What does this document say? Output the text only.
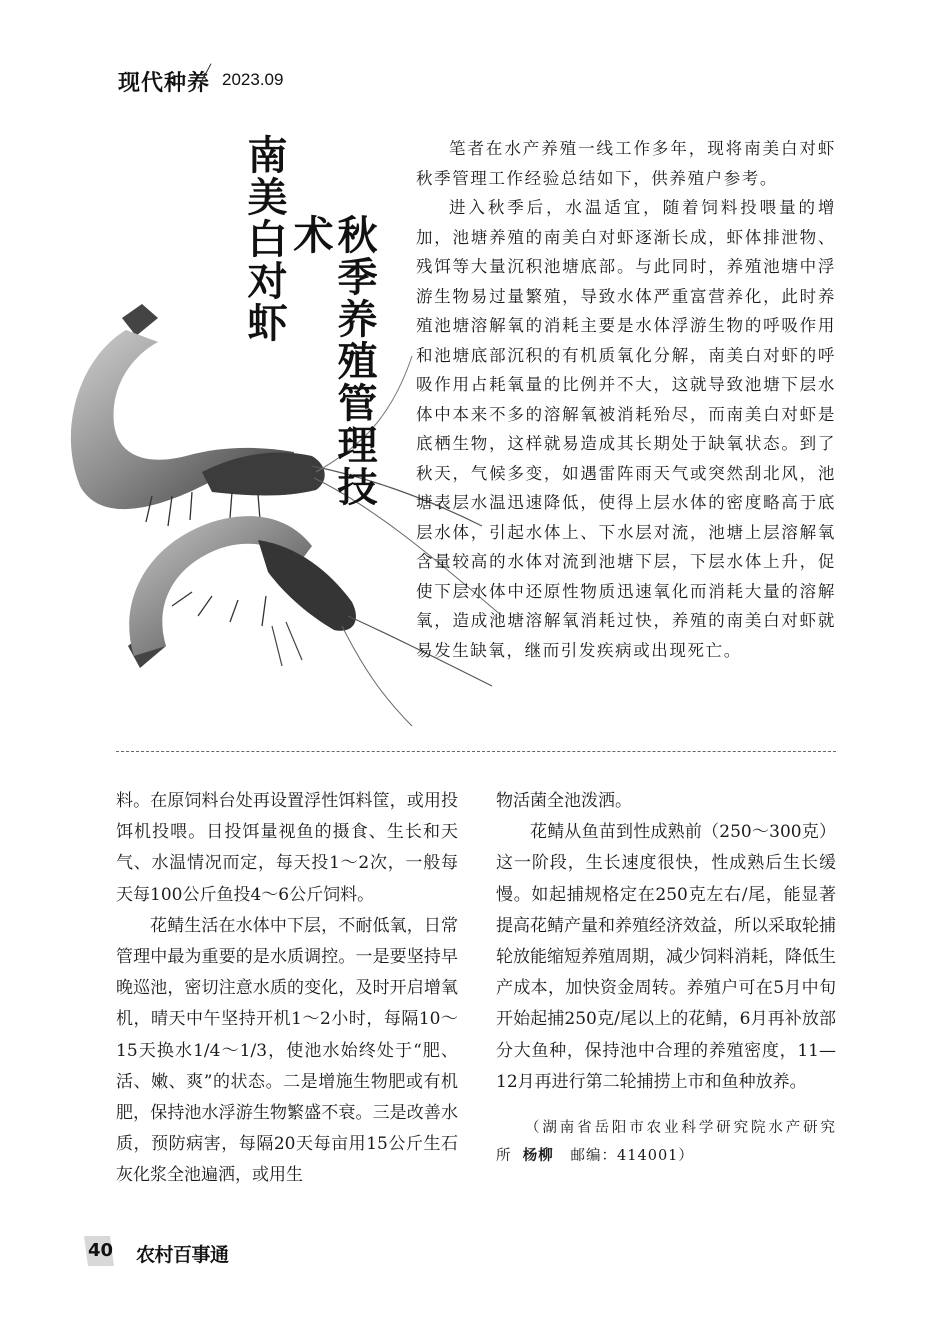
现代种养 2023.09
南美白对虾	秋季养殖管理技术

笔者在水产养殖一线工作多年，现将南美白对虾秋季管理工作经验总结如下，供养殖户参考。

进入秋季后，水温适宜，随着饲料投喂量的增加，池塘养殖的南美白对虾逐渐长成，虾体排泄物、残饵等大量沉积池塘底部。与此同时，养殖池塘中浮游生物易过量繁殖，导致水体严重富营养化，此时养殖池塘溶解氧的消耗主要是水体浮游生物的呼吸作用和池塘底部沉积的有机质氧化分解，南美白对虾的呼吸作用占耗氧量的比例并不大，这就导致池塘下层水体中本来不多的溶解氧被消耗殆尽，而南美白对虾是底栖生物，这样就易造成其长期处于缺氧状态。到了秋天，气候多变，如遇雷阵雨天气或突然刮北风，池塘表层水温迅速降低，使得上层水体的密度略高于底层水体，引起水体上、下水层对流，池塘上层溶解氧含量较高的水体对流到池塘下层，下层水体上升，促使下层水体中还原性物质迅速氧化而消耗大量的溶解氧，造成池塘溶解氧消耗过快，养殖的南美白对虾就易发生缺氧，继而引发疾病或出现死亡。

料。在原饲料台处再设置浮性饵料筐，或用投饵机投喂。日投饵量视鱼的摄食、生长和天气、水温情况而定，每天投1～2次，一般每天每100公斤鱼投4～6公斤饲料。

花鲭生活在水体中下层，不耐低氧，日常管理中最为重要的是水质调控。一是要坚持早晚巡池，密切注意水质的变化，及时开启增氧机，晴天中午坚持开机1～2小时，每隔10～15天换水1/4～1/3，使池水始终处于“肥、活、嫩、爽”的状态。二是增施生物肥或有机肥，保持池水浮游生物繁盛不衰。三是改善水质，预防病害，每隔20天每亩用15公斤生石灰化浆全池遍洒，或用生

物活菌全池泼洒。

花鲭从鱼苗到性成熟前（250～300克）这一阶段，生长速度很快，性成熟后生长缓慢。如起捕规格定在250克左右/尾，能显著提高花鲭产量和养殖经济效益，所以采取轮捕轮放能缩短养殖周期，减少饲料消耗，降低生产成本，加快资金周转。养殖户可在5月中旬开始起捕250克/尾以上的花鲭，6月再补放部分大鱼种，保持池中合理的养殖密度，11—12月再进行第二轮捕捞上市和鱼种放养。

（湖南省岳阳市农业科学研究院水产研究所 杨柳 邮编：414001）

40 农村百事通
